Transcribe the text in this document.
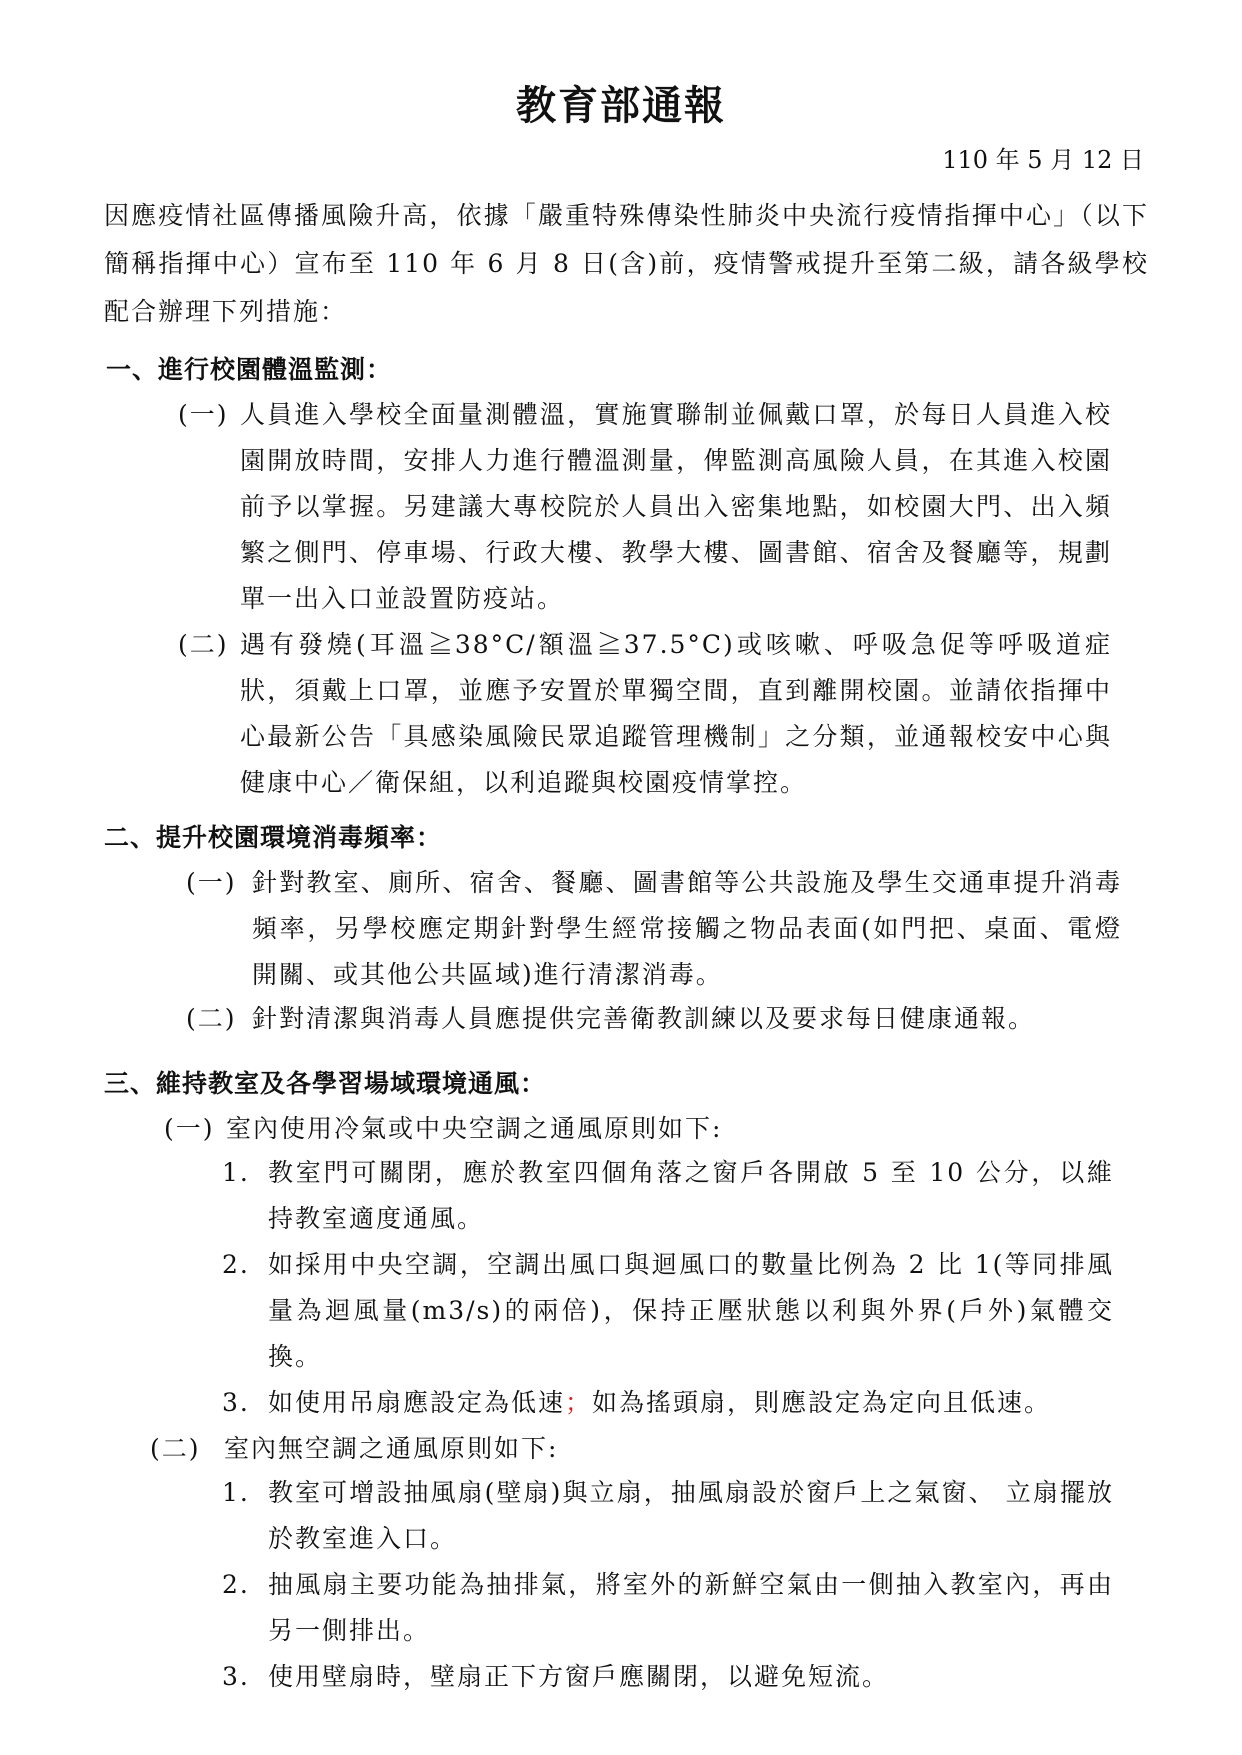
教育部通報
110 年 5 月 12 日
因應疫情社區傳播風險升高，依據「嚴重特殊傳染性肺炎中央流行疫情指揮中心」（以下簡稱指揮中心）宣布至 110 年 6 月 8 日(含)前，疫情警戒提升至第二級，請各級學校配合辦理下列措施：
一、進行校園體溫監測：
(一) 人員進入學校全面量測體溫，實施實聯制並佩戴口罩，於每日人員進入校園開放時間，安排人力進行體溫測量，俾監測高風險人員，在其進入校園前予以掌握。另建議大專校院於人員出入密集地點，如校園大門、出入頻繁之側門、停車場、行政大樓、教學大樓、圖書館、宿舍及餐廳等，規劃單一出入口並設置防疫站。
(二) 遇有發燒(耳溫≧38°C/額溫≧37.5°C)或咳嗽、呼吸急促等呼吸道症狀，須戴上口罩，並應予安置於單獨空間，直到離開校園。並請依指揮中心最新公告「具感染風險民眾追蹤管理機制」之分類，並通報校安中心與健康中心／衛保組，以利追蹤與校園疫情掌控。
二、提升校園環境消毒頻率：
(一) 針對教室、廁所、宿舍、餐廳、圖書館等公共設施及學生交通車提升消毒頻率，另學校應定期針對學生經常接觸之物品表面(如門把、桌面、電燈開關、或其他公共區域)進行清潔消毒。
(二) 針對清潔與消毒人員應提供完善衛教訓練以及要求每日健康通報。
三、維持教室及各學習場域環境通風：
(一) 室內使用冷氣或中央空調之通風原則如下:
1. 教室門可關閉，應於教室四個角落之窗戶各開啟 5 至 10 公分，以維持教室適度通風。
2. 如採用中央空調，空調出風口與迴風口的數量比例為 2 比 1(等同排風量為迴風量(m3/s)的兩倍)，保持正壓狀態以利與外界(戶外)氣體交換。
3. 如使用吊扇應設定為低速；如為搖頭扇，則應設定為定向且低速。
(二) 室內無空調之通風原則如下:
1. 教室可增設抽風扇(壁扇)與立扇，抽風扇設於窗戶上之氣窗、 立扇擺放於教室進入口。
2. 抽風扇主要功能為抽排氣，將室外的新鮮空氣由一側抽入教室內，再由另一側排出。
3. 使用壁扇時，壁扇正下方窗戶應關閉，以避免短流。
